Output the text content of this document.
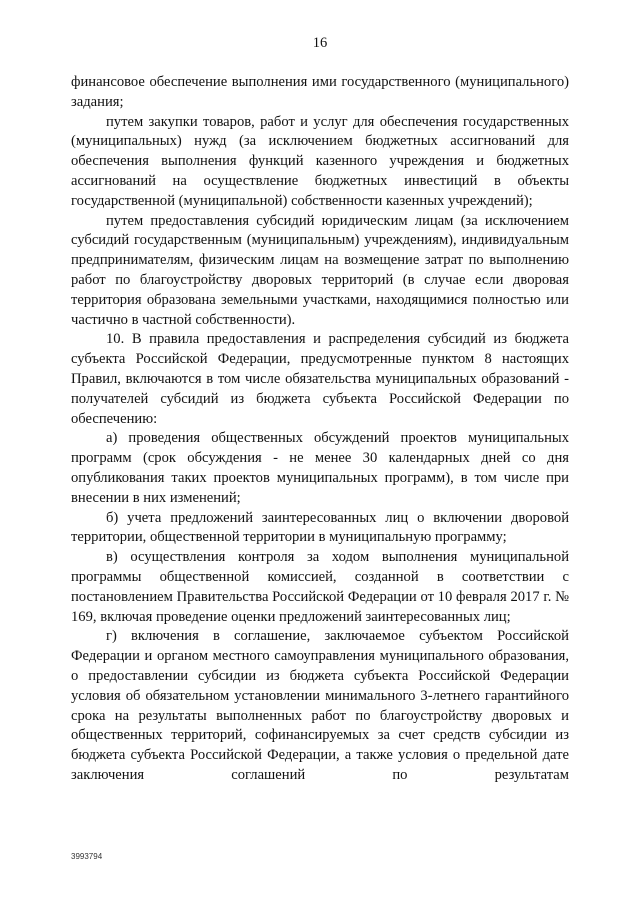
16

финансовое обеспечение выполнения ими государственного (муниципального) задания;

путем закупки товаров, работ и услуг для обеспечения государственных (муниципальных) нужд (за исключением бюджетных ассигнований для обеспечения выполнения функций казенного учреждения и бюджетных ассигнований на осуществление бюджетных инвестиций в объекты государственной (муниципальной) собственности казенных учреждений);

путем предоставления субсидий юридическим лицам (за исключением субсидий государственным (муниципальным) учреждениям), индивидуальным предпринимателям, физическим лицам на возмещение затрат по выполнению работ по благоустройству дворовых территорий (в случае если дворовая территория образована земельными участками, находящимися полностью или частично в частной собственности).

10. В правила предоставления и распределения субсидий из бюджета субъекта Российской Федерации, предусмотренные пунктом 8 настоящих Правил, включаются в том числе обязательства муниципальных образований - получателей субсидий из бюджета субъекта Российской Федерации по обеспечению:

а) проведения общественных обсуждений проектов муниципальных программ (срок обсуждения - не менее 30 календарных дней со дня опубликования таких проектов муниципальных программ), в том числе при внесении в них изменений;

б) учета предложений заинтересованных лиц о включении дворовой территории, общественной территории в муниципальную программу;

в) осуществления контроля за ходом выполнения муниципальной программы общественной комиссией, созданной в соответствии с постановлением Правительства Российской Федерации от 10 февраля 2017 г. № 169, включая проведение оценки предложений заинтересованных лиц;

г) включения в соглашение, заключаемое субъектом Российской Федерации и органом местного самоуправления муниципального образования, о предоставлении субсидии из бюджета субъекта Российской Федерации условия об обязательном установлении минимального 3-летнего гарантийного срока на результаты выполненных работ по благоустройству дворовых и общественных территорий, софинансируемых за счет средств субсидии из бюджета субъекта Российской Федерации, а также условия о предельной дате заключения соглашений по результатам

3993794
